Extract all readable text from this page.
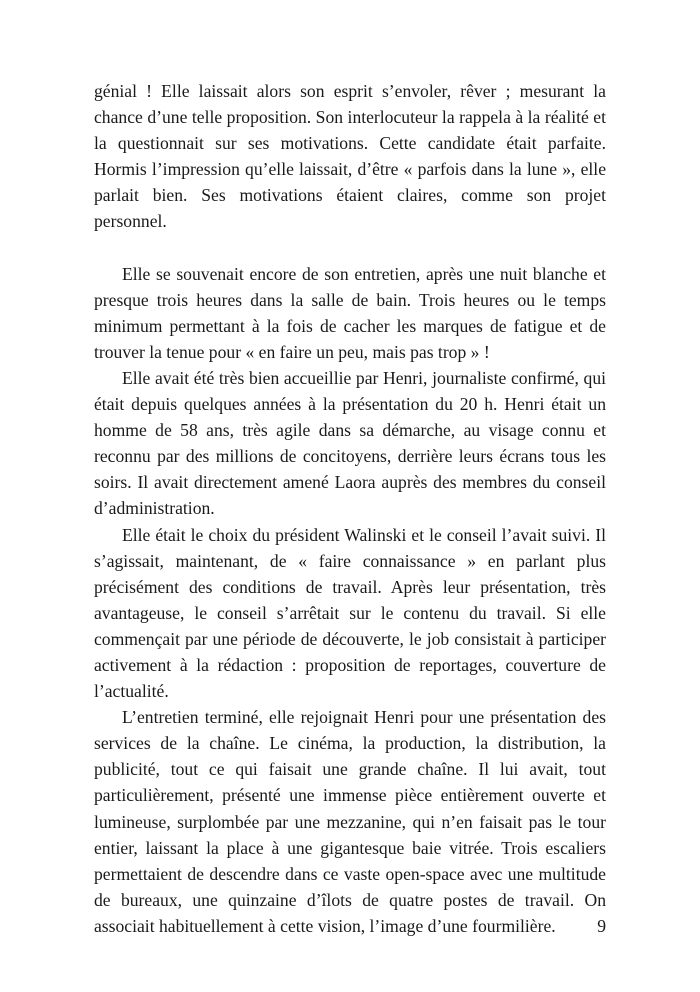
génial ! Elle laissait alors son esprit s’envoler, rêver ; mesurant la chance d’une telle proposition. Son interlocuteur la rappela à la réalité et la questionnait sur ses motivations. Cette candidate était parfaite. Hormis l’impression qu’elle laissait, d’être « parfois dans la lune », elle parlait bien. Ses motivations étaient claires, comme son projet personnel.

Elle se souvenait encore de son entretien, après une nuit blanche et presque trois heures dans la salle de bain. Trois heures ou le temps minimum permettant à la fois de cacher les marques de fatigue et de trouver la tenue pour « en faire un peu, mais pas trop » !

Elle avait été très bien accueillie par Henri, journaliste confirmé, qui était depuis quelques années à la présentation du 20 h. Henri était un homme de 58 ans, très agile dans sa démarche, au visage connu et reconnu par des millions de concitoyens, derrière leurs écrans tous les soirs. Il avait directement amené Laora auprès des membres du conseil d’administration.

Elle était le choix du président Walinski et le conseil l’avait suivi. Il s’agissait, maintenant, de « faire connaissance » en parlant plus précisément des conditions de travail. Après leur présentation, très avantageuse, le conseil s’arrêtait sur le contenu du travail. Si elle commençait par une période de découverte, le job consistait à participer activement à la rédaction : proposition de reportages, couverture de l’actualité.

L’entretien terminé, elle rejoignait Henri pour une présentation des services de la chaîne. Le cinéma, la production, la distribution, la publicité, tout ce qui faisait une grande chaîne. Il lui avait, tout particulièrement, présenté une immense pièce entièrement ouverte et lumineuse, surplombée par une mezzanine, qui n’en faisait pas le tour entier, laissant la place à une gigantesque baie vitrée. Trois escaliers permettaient de descendre dans ce vaste open-space avec une multitude de bureaux, une quinzaine d’îlots de quatre postes de travail. On associait habituellement à cette vision, l’image d’une fourmilière.	9
